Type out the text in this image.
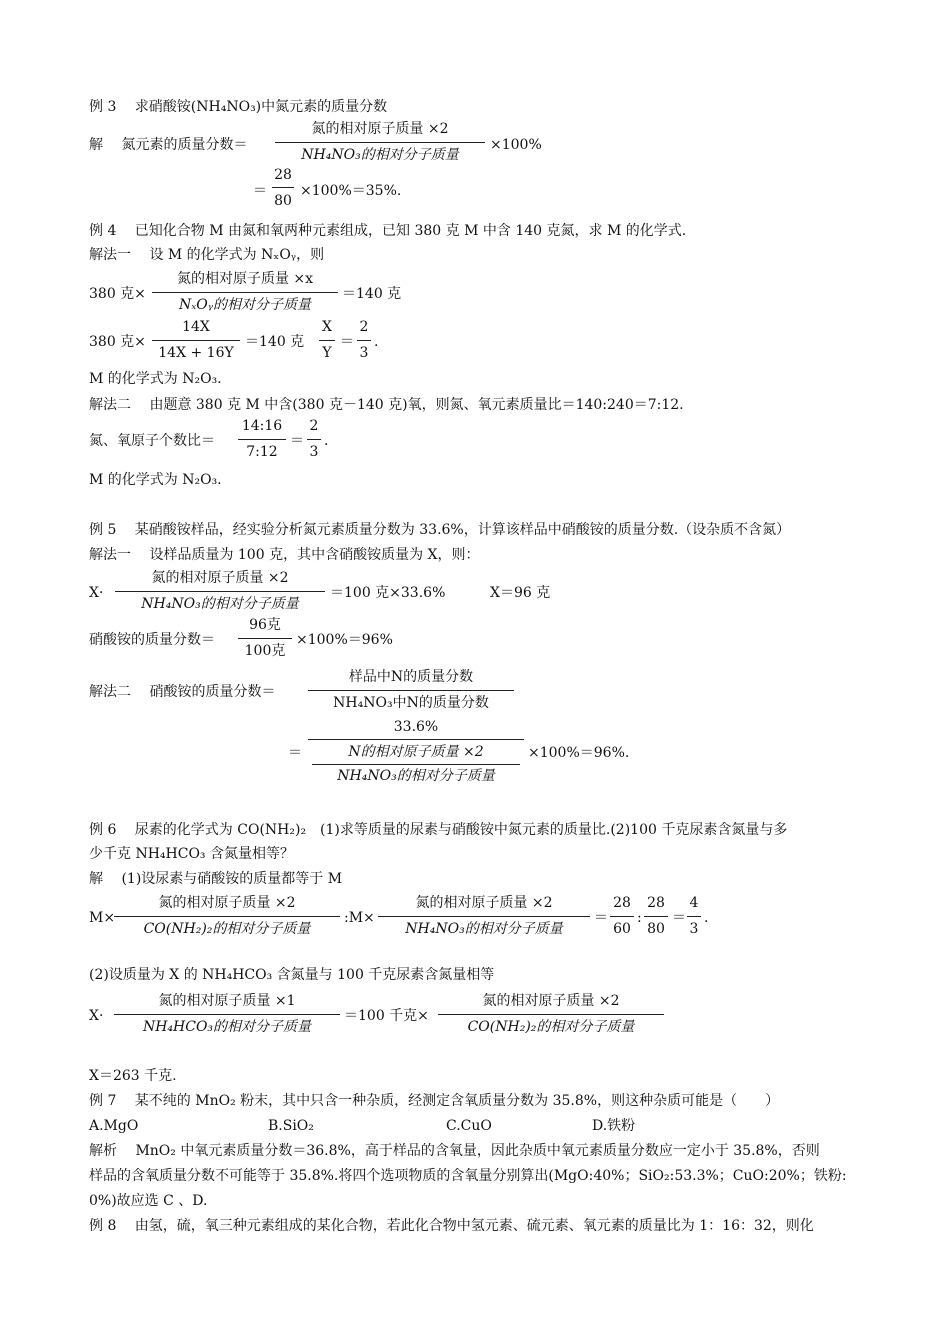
例 3　 求硝酸铵(NH₄NO₃)中氮元素的质量分数
解　 氮元素的质量分数＝
氮的相对原子质量 ×2
NH₄NO₃的相对分子质量
×100%
＝
28
80
×100%＝35%.
例 4　 已知化合物 M 由氮和氧两种元素组成，已知 380 克 M 中含 140 克氮，求 M 的化学式.
解法一　 设 M 的化学式为 NₓOᵧ，则
380 克×
氮的相对原子质量 ×x
NₓOᵧ的相对分子质量
＝140 克
380 克×
14X
14X + 16Y
＝140 克
X
Y
＝
2
3
.
M 的化学式为 N₂O₃.
解法二　 由题意 380 克 M 中含(380 克－140 克)氧，则氮、氧元素质量比＝140:240＝7:12.
氮、氧原子个数比＝
14:16
7:12
＝
2
3
.
M 的化学式为 N₂O₃.
例 5　 某硝酸铵样品，经实验分析氮元素质量分数为 33.6%，计算该样品中硝酸铵的质量分数.（设杂质不含氮）
解法一　 设样品质量为 100 克，其中含硝酸铵质量为 X，则：
X·
氮的相对原子质量 ×2
NH₄NO₃的相对分子质量
＝100 克×33.6%	X＝96 克
硝酸铵的质量分数＝
96克
100克
×100%＝96%
解法二　 硝酸铵的质量分数＝
样品中N的质量分数
NH₄NO₃中N的质量分数
＝
33.6%
N的相对原子质量 ×2
NH₄NO₃的相对分子质量
×100%＝96%.
例 6　 尿素的化学式为 CO(NH₂)₂　(1)求等质量的尿素与硝酸铵中氮元素的质量比.(2)100 千克尿素含氮量与多
少千克 NH₄HCO₃ 含氮量相等？
解　 (1)设尿素与硝酸铵的质量都等于 M
M×
氮的相对原子质量 ×2
CO(NH₂)₂的相对分子质量
:M×
氮的相对原子质量 ×2
NH₄NO₃的相对分子质量
＝
28
60
:
28
80
＝
4
3
.
(2)设质量为 X 的 NH₄HCO₃ 含氮量与 100 千克尿素含氮量相等
X·
氮的相对原子质量 ×1
NH₄HCO₃的相对分子质量
＝100 千克×
氮的相对原子质量 ×2
CO(NH₂)₂的相对分子质量
X＝263 千克.
例 7　 某不纯的 MnO₂ 粉末，其中只含一种杂质，经测定含氧质量分数为 35.8%，则这种杂质可能是（　　）
A.MgO	B.SiO₂	C.CuO	D.铁粉
解析　 MnO₂ 中氧元素质量分数＝36.8%，高于样品的含氧量，因此杂质中氧元素质量分数应一定小于 35.8%，否则
样品的含氧质量分数不可能等于 35.8%.将四个选项物质的含氧量分别算出(MgO:40%；SiO₂:53.3%；CuO:20%；铁粉:
0%)故应选 C 、D.
例 8　 由氢，硫，氧三种元素组成的某化合物，若此化合物中氢元素、硫元素、氧元素的质量比为 1：16：32，则化
